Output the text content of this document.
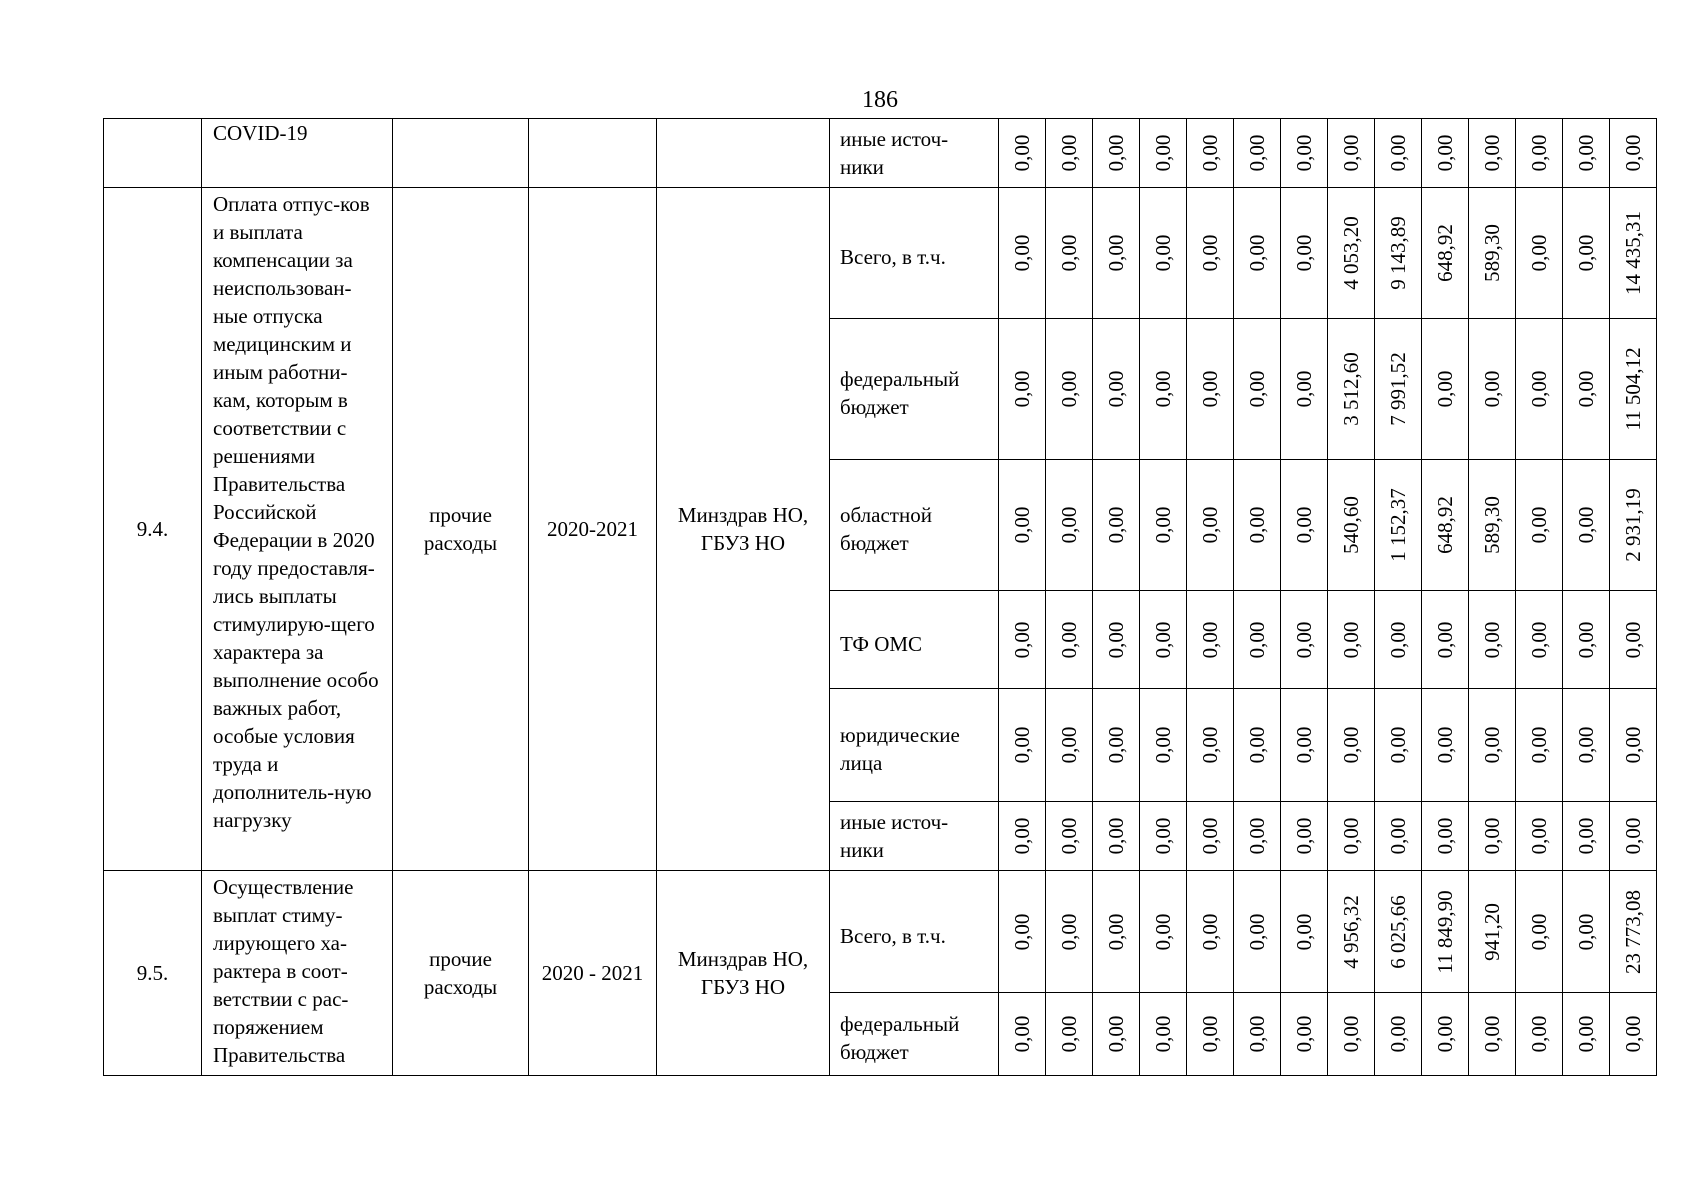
186
	COVID-19				иные источ-ники	0,00	0,00	0,00	0,00	0,00	0,00	0,00	0,00	0,00	0,00	0,00	0,00	0,00	0,00

9.4.	Оплата отпус-ков и выплата компенсации за неиспользован-ные отпуска медицинским и иным работни-кам, которым в соответствии с решениями Правительства Российской Федерации в 2020 году предоставля-лись выплаты стимулирую-щего характера за выполнение особо важных работ, особые условия труда и дополнитель-ную нагрузку	прочие расходы	2020-2021	Минздрав НО, ГБУЗ НО	Всего, в т.ч.	0,00	0,00	0,00	0,00	0,00	0,00	0,00	4 053,20	9 143,89	648,92	589,30	0,00	0,00	14 435,31

					федеральный бюджет	0,00	0,00	0,00	0,00	0,00	0,00	0,00	3 512,60	7 991,52	0,00	0,00	0,00	0,00	11 504,12

					областной бюджет	0,00	0,00	0,00	0,00	0,00	0,00	0,00	540,60	1 152,37	648,92	589,30	0,00	0,00	2 931,19

					ТФ ОМС	0,00	0,00	0,00	0,00	0,00	0,00	0,00	0,00	0,00	0,00	0,00	0,00	0,00	0,00

					юридические лица	0,00	0,00	0,00	0,00	0,00	0,00	0,00	0,00	0,00	0,00	0,00	0,00	0,00	0,00

					иные источ-ники	0,00	0,00	0,00	0,00	0,00	0,00	0,00	0,00	0,00	0,00	0,00	0,00	0,00	0,00

9.5.	Осуществление выплат стиму-лирующего ха-рактера в соот-ветствии с рас-поряжением Правительства	прочие расходы	2020 - 2021	Минздрав НО, ГБУЗ НО	Всего, в т.ч.	0,00	0,00	0,00	0,00	0,00	0,00	0,00	4 956,32	6 025,66	11 849,90	941,20	0,00	0,00	23 773,08

					федеральный бюджет	0,00	0,00	0,00	0,00	0,00	0,00	0,00	0,00	0,00	0,00	0,00	0,00	0,00	0,00
